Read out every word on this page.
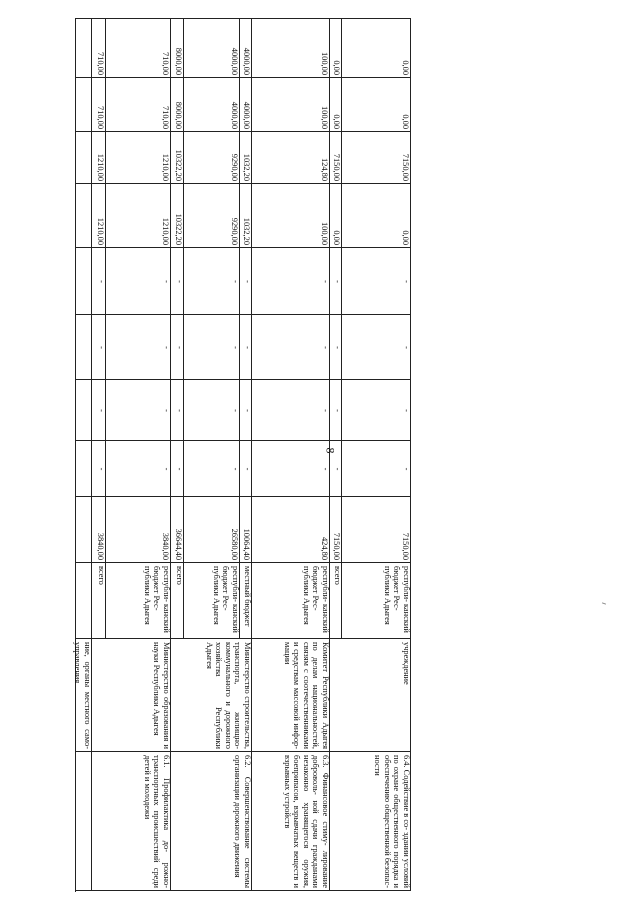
8
ние, органы местного само- управления
6.1. Профилактика до- рожно-транспортных происшествий среди детей и молодежи
Министерство образования и науки Республики Адыгея
всего
3840,00
-
-
-
-
1210,00
1210,00
710,00
710,00
республи- канский бюджет Рес- публики Адыгея
3840,00
-
-
-
-
1210,00
1210,00
710,00
710,00
6.2. Совершенствование системы организации дорожного движения
Министерство строительства, транспорта, жилищно- коммунального и дорожного хозяйства Республики Адыгея
всего
36644,40
-
-
-
-
10322,20
10322,20
8000,00
8000,00
республи- канский бюджет Рес- публики Адыгея
26580,00
-
-
-
-
9290,00
9290,00
4000,00
4000,00
местный бюджет
10064,40
-
-
-
-
1032,20
1032,20
4000,00
4000,00
6.3. Финансовое стиму- лирование доброволь- ной сдачи гражданами незаконно хранящегося оружия, боеприпасов, взрывчатых веществ и взрывных устройств
Комитет Республики Адыгея по делам национальностей, связям с соотечественниками и средствам массовой инфор- мации
республи- канский бюджет Рес- публики Адыгея
424,80
-
-
-
-
100,00
124,80
100,00
100,00
6.4. Содействие в со- здании условий по охране общественного порядка и обеспечению общественной безопас- ности
учреждение
всего
7150,00
-
-
-
-
0,00
7150,00
0,00
0,00
республи- канский бюджет Рес- публики Адыгея
7150,00
-
-
-
-
0,00
7150,00
0,00
0,00
